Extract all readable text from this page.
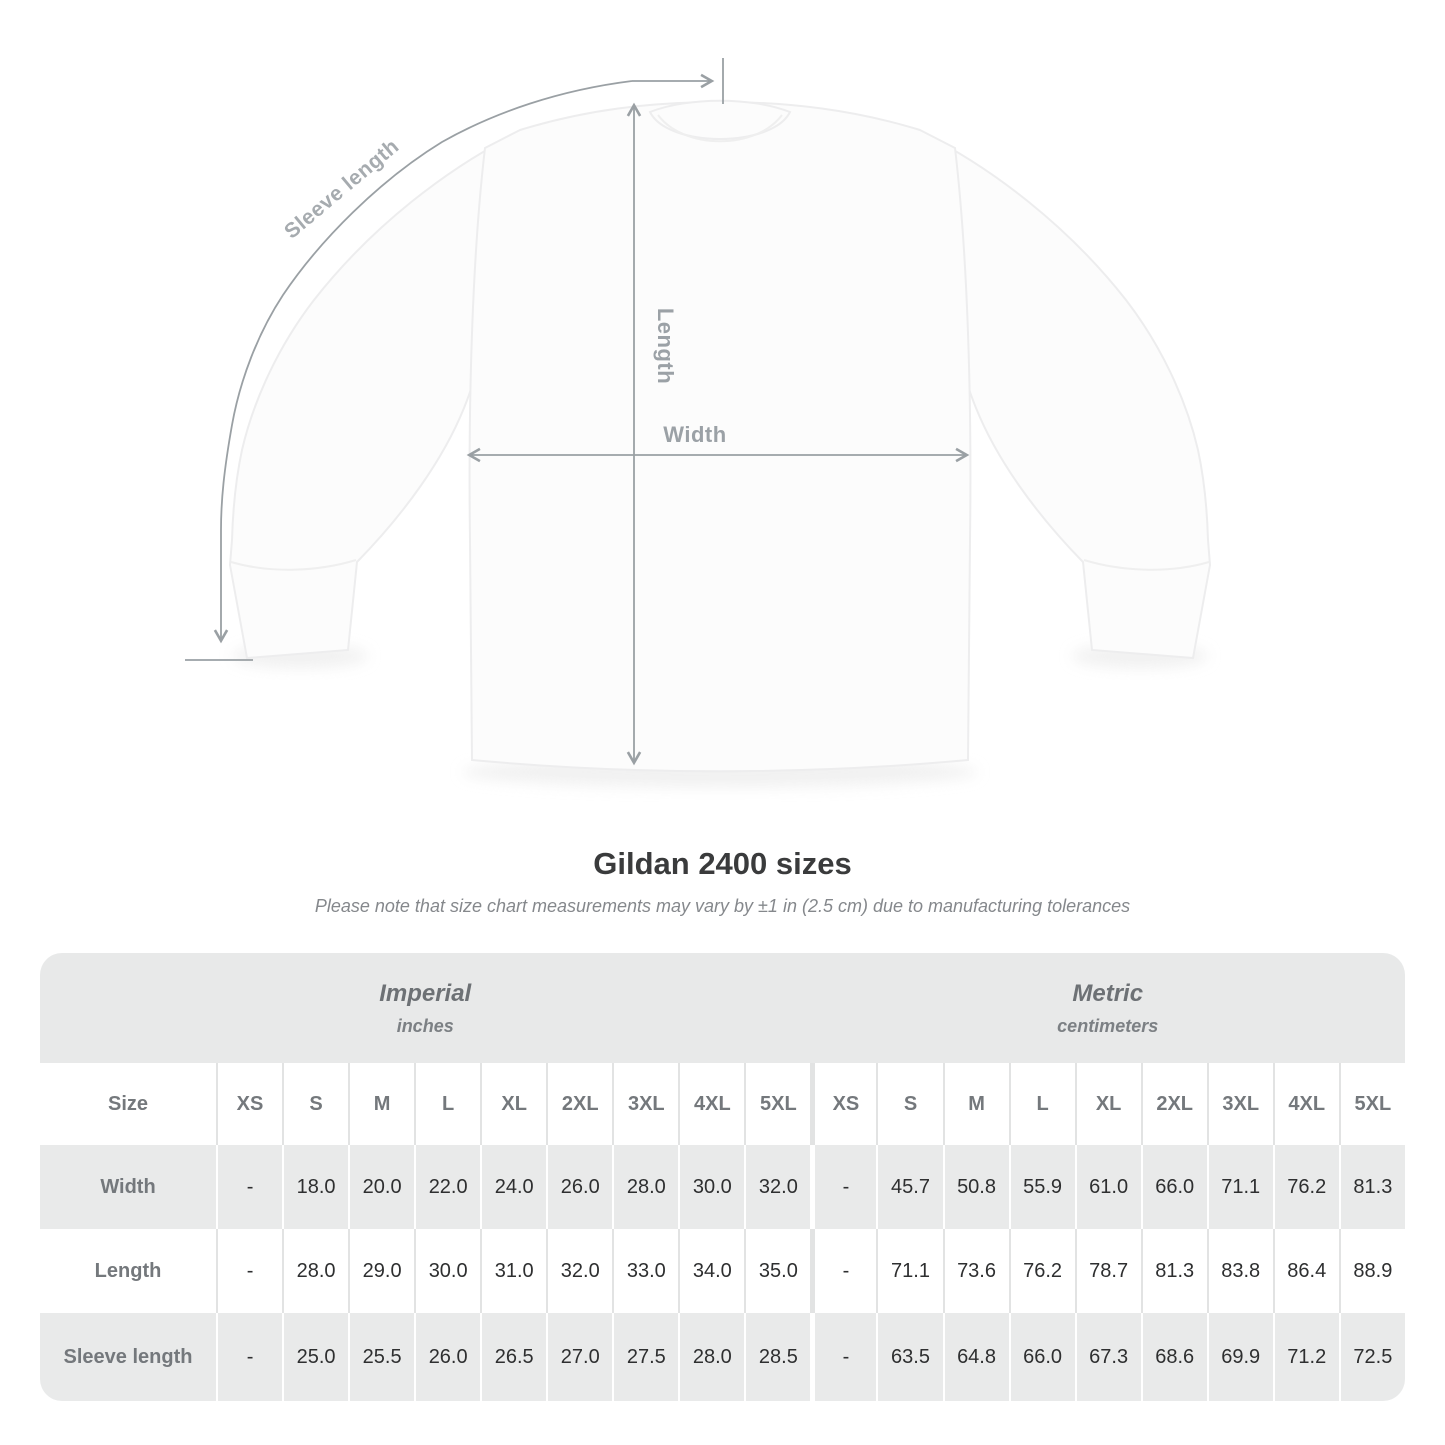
Sleeve length
Length
Width
Gildan 2400 sizes
Please note that size chart measurements may vary by ±1 in (2.5 cm) due to manufacturing tolerances
Imperial
inches

Metric
centimeters

Size	XS	S	M	L	XL	2XL	3XL	4XL	5XL	XS	S	M	L	XL	2XL	3XL	4XL	5XL
Width	-	18.0	20.0	22.0	24.0	26.0	28.0	30.0	32.0	-	45.7	50.8	55.9	61.0	66.0	71.1	76.2	81.3
Length	-	28.0	29.0	30.0	31.0	32.0	33.0	34.0	35.0	-	71.1	73.6	76.2	78.7	81.3	83.8	86.4	88.9
Sleeve length	-	25.0	25.5	26.0	26.5	27.0	27.5	28.0	28.5	-	63.5	64.8	66.0	67.3	68.6	69.9	71.2	72.5
